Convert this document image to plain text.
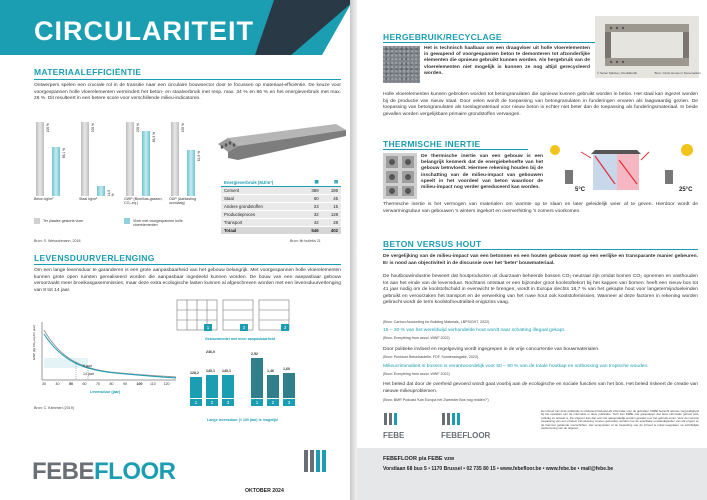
CIRCULARITEIT
MATERIAALEFFICIËNTIE
Ontwerpers spelen een cruciale rol in de transitie naar een circulaire bouwsector door te focussen op materiaal-efficiëntie. De keuze voor voorgespannen holle vloerelementen vermindert het beton- en staalverbruik met resp. max. 34 % en 86 % en het energieverbruik met max. 26 %. Dit resulteert in een betere score voor verschillende milieu-indicatoren.
100 %
66,1 %
100 %
14,0 %
100 %
88,3 %
100 %
61,9 %
Beton kg/m²	Staal kg/m²	GWP (Broeikas-gassen, CO₂-eq.)
ODP (Aantasting ozonlaag)
Ter plaatse gestorte vloer	Vloer met voorgespannen holle vloerelementen
Bron: S. Weisschmann, 2018
Energieverbruik (MJ/m²)	▦	▤
Cement	389	186
Staal	60	45
Andere grondstoffen	23	15
Productieproces	32	128
Transport	42	28
Totaal	546	402
Bron: fib bulletin 21
LEVENSDUURVERLENGING
Om een lange levensduur te garanderen is een grote aanpasbaarheid van het gebouw belangrijk. Met voorgespannen holle vloerelementen kunnen grote open ruimten gerealiseerd worden die aanpasbaar ingedeeld kunnen worden. De bouw van een aanpasbaar gebouw veroorzaakt meer broeikasgasemmissies, maar deze extra ecologische lasten kunnen al afgeschreven worden met een levensduurverlenging van 8 tot 14 jaar.
GWP (kg CO₂-eq./m²·jaar)
8 jaar
14 jaar
30	40	50	60	70	80	90	100 110 120
Levensduur (jaar)
Bron: C. Kämmerl (2019)
1	2	3
Gebouwmodel met meer aanpasbaarheid
128,2
1
140,1
2
140,1
3
246,0	2,52
1
1,46
2
1,60
3
Lange levensduur (> 100 jaar) is mogelijk!
FEBEFLOOR
OKTOBER 2024
HERGEBRUIK/RECYCLAGE
Het is technisch haalbaar om een draagvloer uit holle vloerelementen in gewapend of voorgespannen beton te demonteren tot afzonderlijke elementen die opnieuw gebruikt kunnen worden. Als hergebruik van de vloerelementen niet mogelijk is kunnen ze nog altijd gerecycleerd worden.
Holle vloerelementen kunnen gebroken worden tot betongranulaten die opnieuw kunnen gebruikt worden in beton. Het staal kan ingezet worden bij de productie van nieuw staal. Door velen wordt de toepassing van betongranulaten in funderingen ervaren als laagwaardig gezien. De toepassing van betongranulaten als toeslagmateriaal voor nieuw beton is echter niet beter dan de toepassing als funderingsmateriaal. In beide gevallen worden vergelijkbare primaire grondstoffen vervangen.
© Søren Mattsen, Roskilde/dk	Bron: Circle House in Denemarken
THERMISCHE INERTIE
De thermische inertie van een gebouw is een belangrijk kenmerk dat de energiebehoefte van het gebouw beïnvloedt. Hiermee rekening houden bij de inschatting van de milieu-impact van gebouwen speelt in het voordeel van beton waardoor de milieu-impact nog verder gereduceerd kan worden.
Thermische inertie is het vermogen van materialen om warmte op te slaan en later geleidelijk weer af te geven. Hierdoor wordt de verwarmingsduur van gebouwen 's winters ingekort en oververhitting 's zomers voorkomen.
5°C	25°C
BETON VERSUS HOUT
De vergelijking van de milieu-impact van een betonnen en een houten gebouw moet op een eerlijke en transparante manier gebeuren. Er is nood aan objectiviteit in de discussie over het 'beter' bouwmateriaal.
De houtbouwindustrie beweert dat houtproducten uit duurzaam beheerde bossen CO₂-neutraal zijn omdat bomen CO₂ opnemen en vasthouden tot aan het einde van de levensduur. Nochtans ontstaat er een bijzonder groot koolstoftekort bij het kappen van bomen: heeft een nieuw bos tot 41 jaar nodig om de koolstofschuld in evenwicht te brengen, wordt in Europa slechts 18,7 % van het gekapte hout voor langetermijndoeleinden gebruikt en veroorzaken het transport en de verwerking van het ruwe hout ook koolstofemissies. Wanneer al deze factoren in rekening worden gebracht wordt de term koolstofneutraliteit enigszins vaag.
(Bron: Carbon Accounting for Building Materials, LBPSIGHT, 2022)
15 – 30 % van het wereldwijd verhandelde hout wordt naar schatting illegaal gekapt.
(Bron: Everything from wood, WWF 2022)
Door politieke invloed en regelgeving wordt ingegrepen in de vrije concurrentie van bouwmaterialen.
(Bron: Punktum Betonbauteile, FDF, Sonderausgabe, 2023)
Milieucriminaliteit in bossen is verantwoordelijk voor 50 – 90 % van de totale houtkap en ontbossing van tropische wouden.
(Bron: Everything from wood, WWF 2022)
Het beleid dat door de overheid gevoerd wordt gaat voorbij aan de ecologische en sociale functies van het bos. Het beleid riskeert de creatie van nieuwe milieuproblemen.
(Bron: BMR Podcast 'Kan Europa het Zwemder Bos nog redden?')
FEBE	FEBEFLOOR
De inhoud van deze publicatie is uitsluitend bedoeld als informatie voor de gebruiker. FEBE betracht uiterste zorgvuldigheid bij het opstellen van de informatie in deze publicatie. Toch kan FEBE niet garanderen dat deze informatie geheel juist, volledig en actueel is. De uitgever kan dan ook niet aansprakelijk worden gesteld voor het gebruik ervan. Voor de correcte toepassing van een product zal rekening moeten gehouden worden met de specifieke omstandigheden van elk project en de hiervoor geldende voorschriften. Het verspreiden of de bewerking van de inhoud is enkel toegelaten na schriftelijke toestemming van de uitgever.
FEBEFLOOR p/a FEBE vzw
Vorstlaan 68 bus 5 • 1170 Brussel • 02 735 80 15 • www.febefloor.be • www.febe.be • mail@febe.be
